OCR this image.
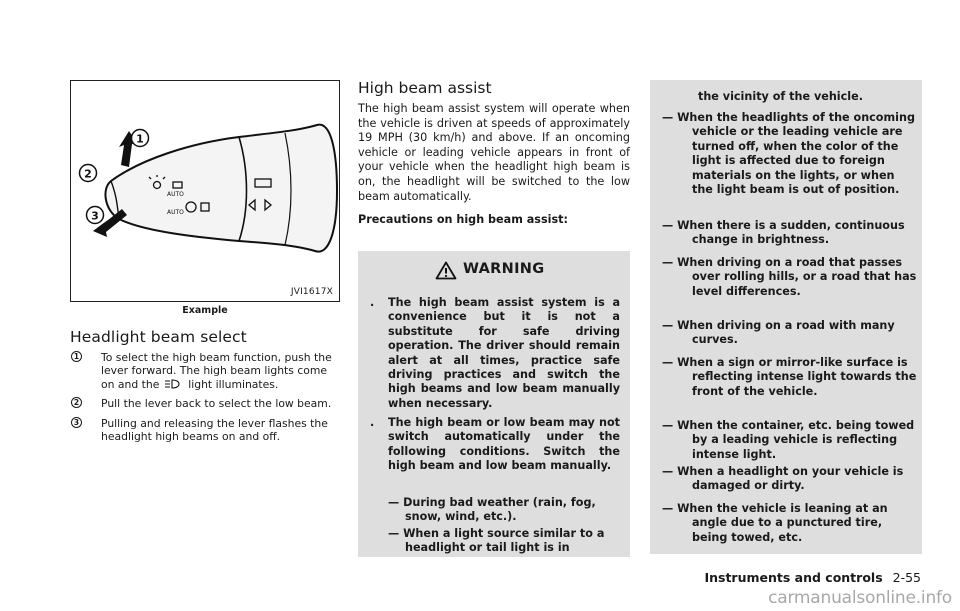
AUTO
AUTO
1
2
3
JVI1617X
Example
Headlight beam select
1 To select the high beam function, push the lever forward. The high beam lights come on and the	light illuminates.
2 Pull the lever back to select the low beam.
3 Pulling and releasing the lever flashes the headlight high beams on and off.
High beam assist
The high beam assist system will operate when the vehicle is driven at speeds of approximately 19 MPH (30 km/h) and above. If an oncoming vehicle or leading vehicle appears in front of your vehicle when the headlight high beam is on, the headlight will be switched to the low beam automatically.
Precautions on high beam assist:
WARNING
. The high beam assist system is a convenience but it is not a substitute for safe driving operation. The driver should remain alert at all times, practice safe driving practices and switch the high beams and low beam manually when necessary.
. The high beam or low beam may not switch automatically under the following conditions. Switch the high beam and low beam manually.
— During bad weather (rain, fog, snow, wind, etc.).
— When a light source similar to a headlight or tail light is in
the vicinity of the vehicle.
— When the headlights of the oncoming vehicle or the leading vehicle are turned off, when the color of the light is affected due to foreign materials on the lights, or when the light beam is out of position.
— When there is a sudden, continuous change in brightness.
— When driving on a road that passes over rolling hills, or a road that has level differences.
— When driving on a road with many curves.
— When a sign or mirror-like surface is reflecting intense light towards the front of the vehicle.
— When the container, etc. being towed by a leading vehicle is reflecting intense light.
— When a headlight on your vehicle is damaged or dirty.
— When the vehicle is leaning at an angle due to a punctured tire, being towed, etc.
Instruments and controls 2-55
carmanualsonline.info
